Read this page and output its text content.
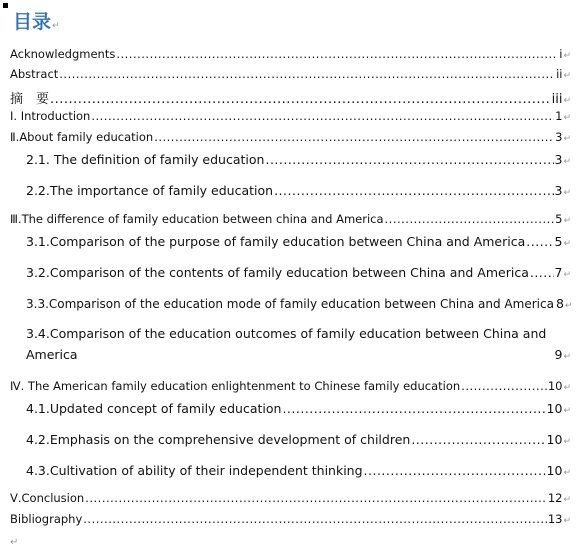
目录↵
Acknowledgments .....	i ↵
Abstract .....	ii ↵
摘　要 .....	iii ↵
Ⅰ. Introduction .....	1 ↵
Ⅱ.About family education .....	3 ↵
2.1. The definition of family education .....	3 ↵
2.2.The importance of family education .....	3 ↵
Ⅲ.The difference of family education between china and America .....	5 ↵
3.1.Comparison of the purpose of family education between China and America ..... 5 ↵
3.2.Comparison of the contents of family education between China and America ..... 7 ↵
3.3.Comparison of the education mode of family education between China and America 8 ↵
3.4.Comparison of the education outcomes of family education between China and
America	9 ↵
Ⅳ. The American family education enlightenment to Chinese family education .....	10 ↵
4.1.Updated concept of family education .....	10 ↵
4.2.Emphasis on the comprehensive development of children .....	10 ↵
4.3.Cultivation of ability of their independent thinking .....	10 ↵
Ⅴ.Conclusion .....	12 ↵
Bibliography .....	13 ↵
↵
